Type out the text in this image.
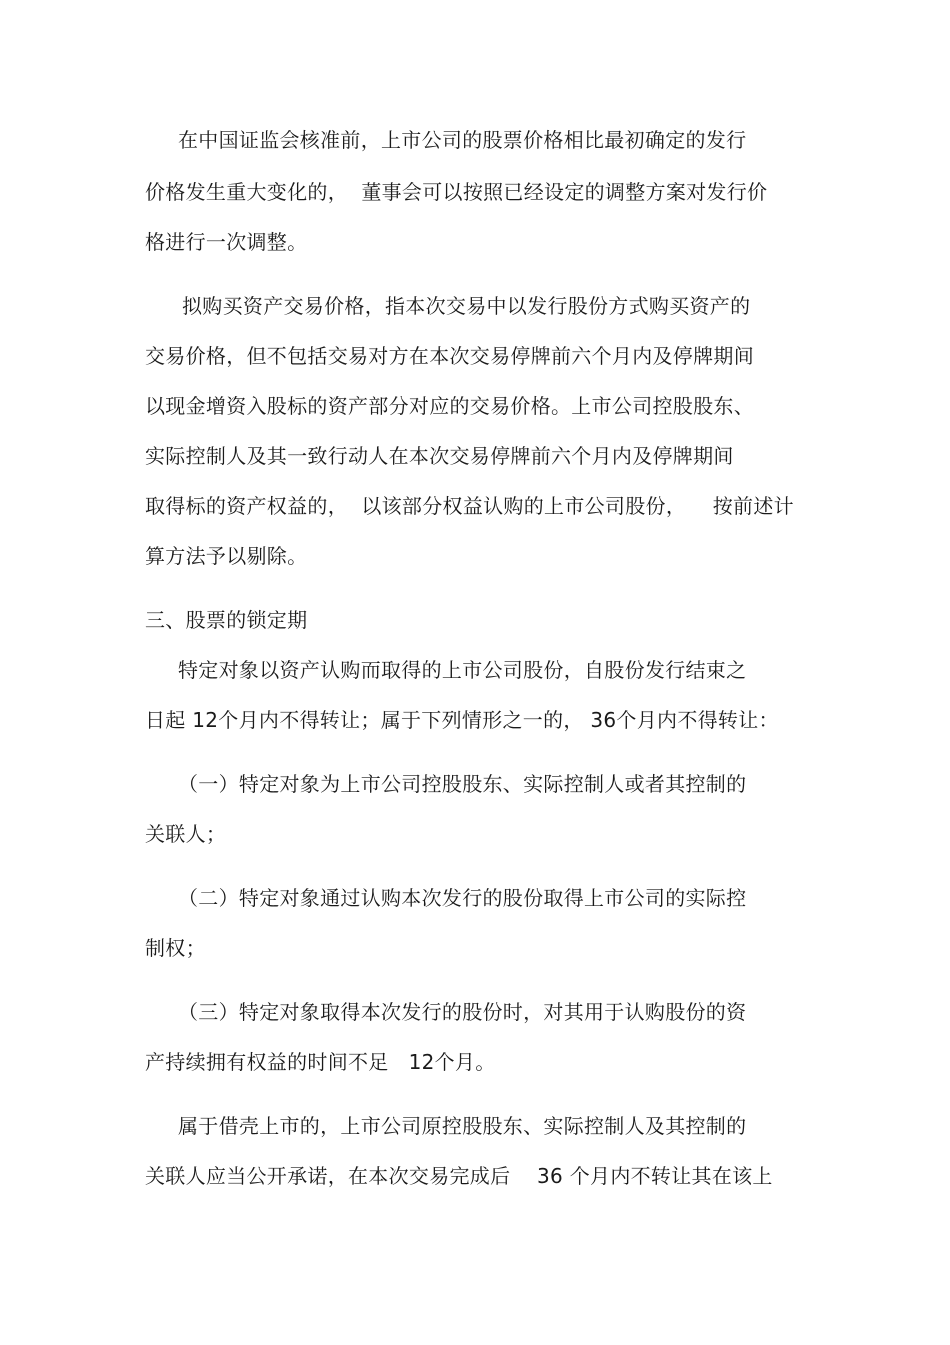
在中国证监会核准前，上市公司的股票价格相比最初确定的发行
价格发生重大变化的，  董事会可以按照已经设定的调整方案对发行价
格进行一次调整。
拟购买资产交易价格，指本次交易中以发行股份方式购买资产的
交易价格，但不包括交易对方在本次交易停牌前六个月内及停牌期间
以现金增资入股标的资产部分对应的交易价格。上市公司控股股东、
实际控制人及其一致行动人在本次交易停牌前六个月内及停牌期间
取得标的资产权益的，  以该部分权益认购的上市公司股份，    按前述计
算方法予以剔除。
三、股票的锁定期
特定对象以资产认购而取得的上市公司股份，自股份发行结束之
日起 12个月内不得转让；属于下列情形之一的， 36个月内不得转让：
（一）特定对象为上市公司控股股东、实际控制人或者其控制的
关联人；
（二）特定对象通过认购本次发行的股份取得上市公司的实际控
制权；
（三）特定对象取得本次发行的股份时，对其用于认购股份的资
产持续拥有权益的时间不足   12个月。
属于借壳上市的，上市公司原控股股东、实际控制人及其控制的
关联人应当公开承诺，在本次交易完成后    36 个月内不转让其在该上
